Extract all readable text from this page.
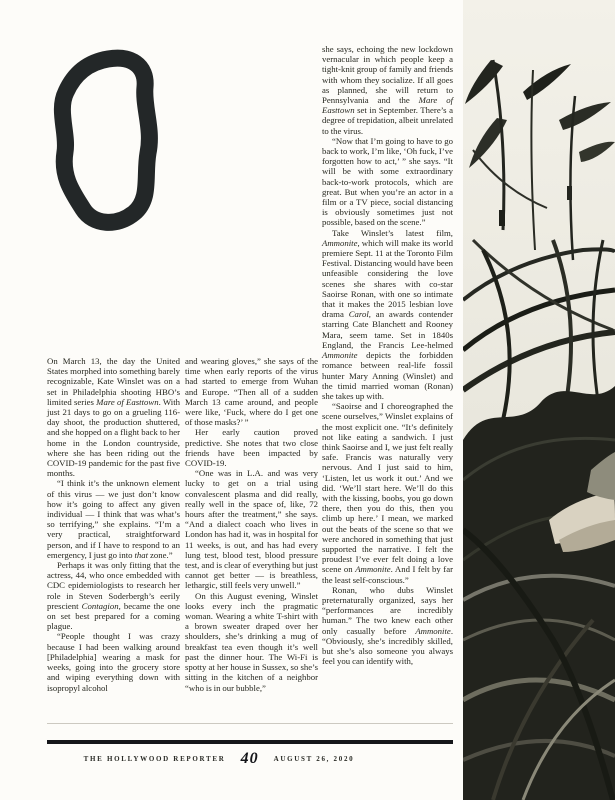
On March 13, the day the United States morphed into something barely recognizable, Kate Winslet was on a set in Philadelphia shooting HBO’s limited series Mare of Easttown. With just 21 days to go on a grueling 116-day shoot, the production shuttered, and she hopped on a flight back to her home in the London countryside, where she has been riding out the COVID-19 pandemic for the past five months.

“I think it’s the unknown element of this virus — we just don’t know how it’s going to affect any given individual — I think that was what’s so terrifying,” she explains. “I’m a very practical, straightforward person, and if I have to respond to an emergency, I just go into that zone.”

Perhaps it was only fitting that the actress, 44, who once embedded with CDC epidemiologists to research her role in Steven Soderbergh’s eerily prescient Contagion, became the one on set best prepared for a coming plague.

“People thought I was crazy because I had been walking around [Philadelphia] wearing a mask for weeks, going into the grocery store and wiping everything down with isopropyl alcohol

and wearing gloves,” she says of the time when early reports of the virus had started to emerge from Wuhan and Europe. “Then all of a sudden March 13 came around, and people were like, ‘Fuck, where do I get one of those masks?’ ”

Her early caution proved predictive. She notes that two close friends have been impacted by COVID-19.

“One was in L.A. and was very lucky to get on a trial using convalescent plasma and did really, really well in the space of, like, 72 hours after the treatment,” she says. “And a dialect coach who lives in London has had it, was in hospital for 11 weeks, is out, and has had every lung test, blood test, blood pressure test, and is clear of everything but just cannot get better — is breathless, lethargic, still feels very unwell.”

On this August evening, Winslet looks every inch the pragmatic woman. Wearing a white T-shirt with a brown sweater draped over her shoulders, she’s drinking a mug of breakfast tea even though it’s well past the dinner hour. The Wi-Fi is spotty at her house in Sussex, so she’s sitting in the kitchen of a neighbor “who is in our bubble,”

she says, echoing the new lockdown vernacular in which people keep a tight-knit group of family and friends with whom they socialize. If all goes as planned, she will return to Pennsylvania and the Mare of Easttown set in September. There’s a degree of trepidation, albeit unrelated to the virus.

“Now that I’m going to have to go back to work, I’m like, ‘Oh fuck, I’ve forgotten how to act,’ ” she says. “It will be with some extraordinary back-to-work protocols, which are great. But when you’re an actor in a film or a TV piece, social distancing is obviously sometimes just not possible, based on the scene.”

Take Winslet’s latest film, Ammonite, which will make its world premiere Sept. 11 at the Toronto Film Festival. Distancing would have been unfeasible considering the love scenes she shares with co-star Saoirse Ronan, with one so intimate that it makes the 2015 lesbian love drama Carol, an awards contender starring Cate Blanchett and Rooney Mara, seem tame. Set in 1840s England, the Francis Lee-helmed Ammonite depicts the forbidden romance between real-life fossil hunter Mary Anning (Winslet) and the timid married woman (Ronan) she takes up with.

“Saoirse and I choreographed the scene ourselves,” Winslet explains of the most explicit one. “It’s definitely not like eating a sandwich. I just think Saoirse and I, we just felt really safe. Francis was naturally very nervous. And I just said to him, ‘Listen, let us work it out.’ And we did. ‘We’ll start here. We’ll do this with the kissing, boobs, you go down there, then you do this, then you climb up here.’ I mean, we marked out the beats of the scene so that we were anchored in something that just supported the narrative. I felt the proudest I’ve ever felt doing a love scene on Ammonite. And I felt by far the least self-conscious.”

Ronan, who dubs Winslet preternaturally organized, says her “performances are incredibly human.” The two knew each other only casually before Ammonite. “Obviously, she’s incredibly skilled, but she’s also someone you always feel you can identify with,

THE HOLLYWOOD REPORTER 40 AUGUST 26, 2020
